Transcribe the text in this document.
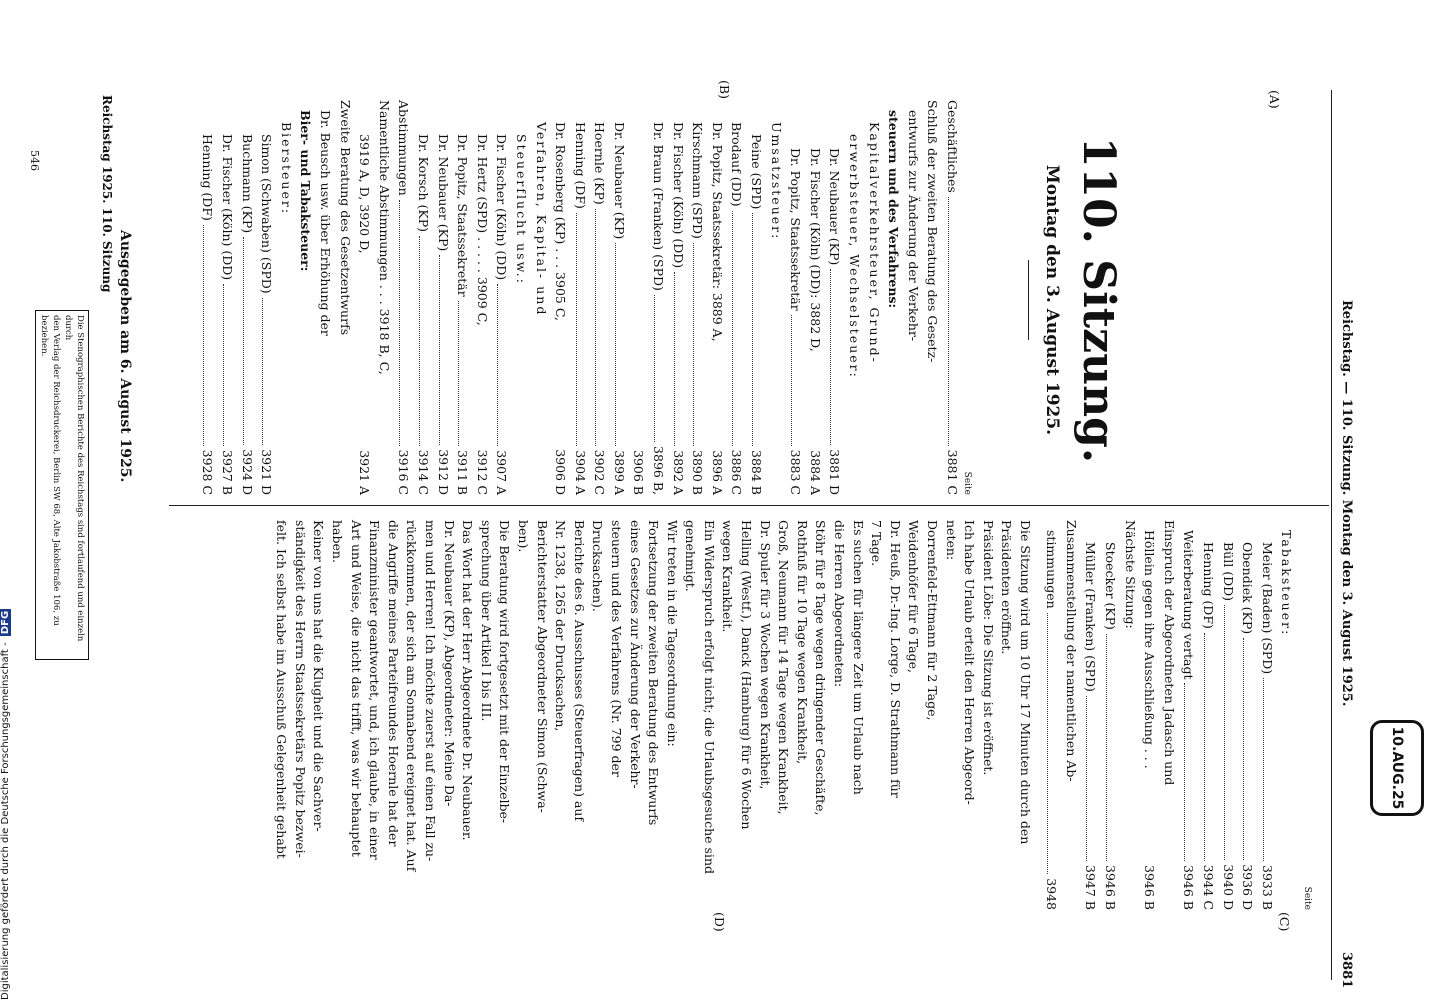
Digitalisierung gefördert durch die Deutsche Forschungsgemeinschaft - DFG	Reichstag. — 110. Sitzung. Montag den 3. August 1925.
3881
10.AUG.25
(A)
(B)
(C)
(D)
110. Sitzung.
Montag den 3. August 1925.
Geschäftliches
3881 C Seite
Schluß der zweiten Beratung des Gesetz-
entwurfs zur Änderung der Verkehr-
steuern und des Verfahrens:
Kapitalverkehrsteuer, Grund-
erwerbsteuer, Wechselsteuer:
Dr. Neubauer (KP)
3881 D
Dr. Fischer (Köln) (DD): 3882 D,
3884 A
Dr. Popitz, Staatssekretär
3883 C
Umsatzsteuer:
Peine (SPD)
3884 B
Brodauf (DD)
3886 C
Dr. Popitz, Staatssekretär: 3889 A,
3896 A
Kirschmann (SPD)
3890 B
Dr. Fischer (Köln) (DD)
3892 A
Dr. Braun (Franken) (SPD)
3896 B,
3906 B
Dr. Neubauer (KP)
3899 A
Hoernle (KP)
3902 C
Henning (DF)
3904 A
Dr. Rosenberg (KP) . . . 3905 C,
3906 D
Verfahren, Kapital- und
Steuerflucht usw.:
Dr. Fischer (Köln) (DD)
3907 A
Dr. Hertz (SPD) . . . . . 3909 C,
3912 C
Dr. Popitz, Staatssekretär
3911 B
Dr. Neubauer (KP)
3912 D
Dr. Korsch (KP)
3914 C
Abstimmungen
3916 C
Namentliche Abstimmungen . . . 3918 B, C,
3919 A, D, 3920 D,
3921 A
Zweite Beratung des Gesetzentwurfs
Dr. Beusch usw. über Erhöhung der
Bier- und Tabaksteuer:
Biersteuer:
Simon (Schwaben) (SPD)
3921 D
Buchmann (KP)
3924 D
Dr. Fischer (Köln) (DD)
3927 B
Henning (DF)
3928 C
Reichstag 1925. 110. Sitzung
Ausgegeben am 6. August 1925.
Die Stenographischen Berichte des Reichstags sind fortlaufend und einzeln durch
den Verlag der Reichsdruckerei, Berlin SW 68, Alte Jakobstraße 106, zu beziehen.
546
Seite
Tabaksteuer:
Meier (Baden) (SPD)
3933 B
Obendiek (KP)
3936 D
Büll (DD)
3940 D
Henning (DF)
3944 C
Weiterberatung vertagt
3946 B
Einspruch der Abgeordneten Jadasch und
Höllein gegen ihre Ausschließung . . .
3946 B
Nächste Sitzung:
Stoecker (KP)
3946 B
Müller (Franken) (SPD)
3947 B
Zusammenstellung der namentlichen Ab-
stimmungen
3948
Die Sitzung wird um 10 Uhr 17 Minuten durch den
Präsidenten eröffnet.
Präsident Löbe: Die Sitzung ist eröffnet.
Ich habe Urlaub erteilt den Herren Abgeord-
neten:
Dorrenfeld-Ettmann für 2 Tage,
Weidenhöfer für 6 Tage,
Dr. Heuß, Dr.-Ing. Lorge, D. Strathmann für
7 Tage.
Es suchen für längere Zeit um Urlaub nach
die Herren Abgeordneten:
Stöhr für 8 Tage wegen dringender Geschäfte,
Rothfuß für 10 Tage wegen Krankheit,
Groß, Neumann für 14 Tage wegen Krankheit,
Dr. Spuler für 3 Wochen wegen Krankheit,
Helling (Westf.), Danck (Hamburg) für 6 Wochen
wegen Krankheit.
Ein Widerspruch erfolgt nicht; die Urlaubsgesuche sind
genehmigt.
Wir treten in die Tagesordnung ein:
Fortsetzung der zweiten Beratung des Entwurfs
eines Gesetzes zur Änderung der Verkehr-
steuern und des Verfahrens (Nr. 799 der
Drucksachen).
Berichte des 6. Ausschusses (Steuerfragen) auf
Nr. 1238, 1265 der Drucksachen,
Berichterstatter Abgeordneter Simon (Schwa-
ben).
Die Beratung wird fortgesetzt mit der Einzelbe-
sprechung über Artikel I bis III.
Das Wort hat der Herr Abgeordnete Dr. Neubauer.
Dr. Neubauer (KP), Abgeordneter: Meine Da-
men und Herren! Ich möchte zuerst auf einen Fall zu-
rückkommen, der sich am Sonnabend ereignet hat. Auf
die Angriffe meines Parteifreundes Hoernle hat der
Finanzminister geantwortet, und, ich glaube, in einer
Art und Weise, die nicht das trifft, was wir behauptet
haben.
Keiner von uns hat die Klugheit und die Sachver-
ständigkeit des Herrn Staatssekretärs Popitz bezwei-
felt. Ich selbst habe im Ausschuß Gelegenheit gehabt
